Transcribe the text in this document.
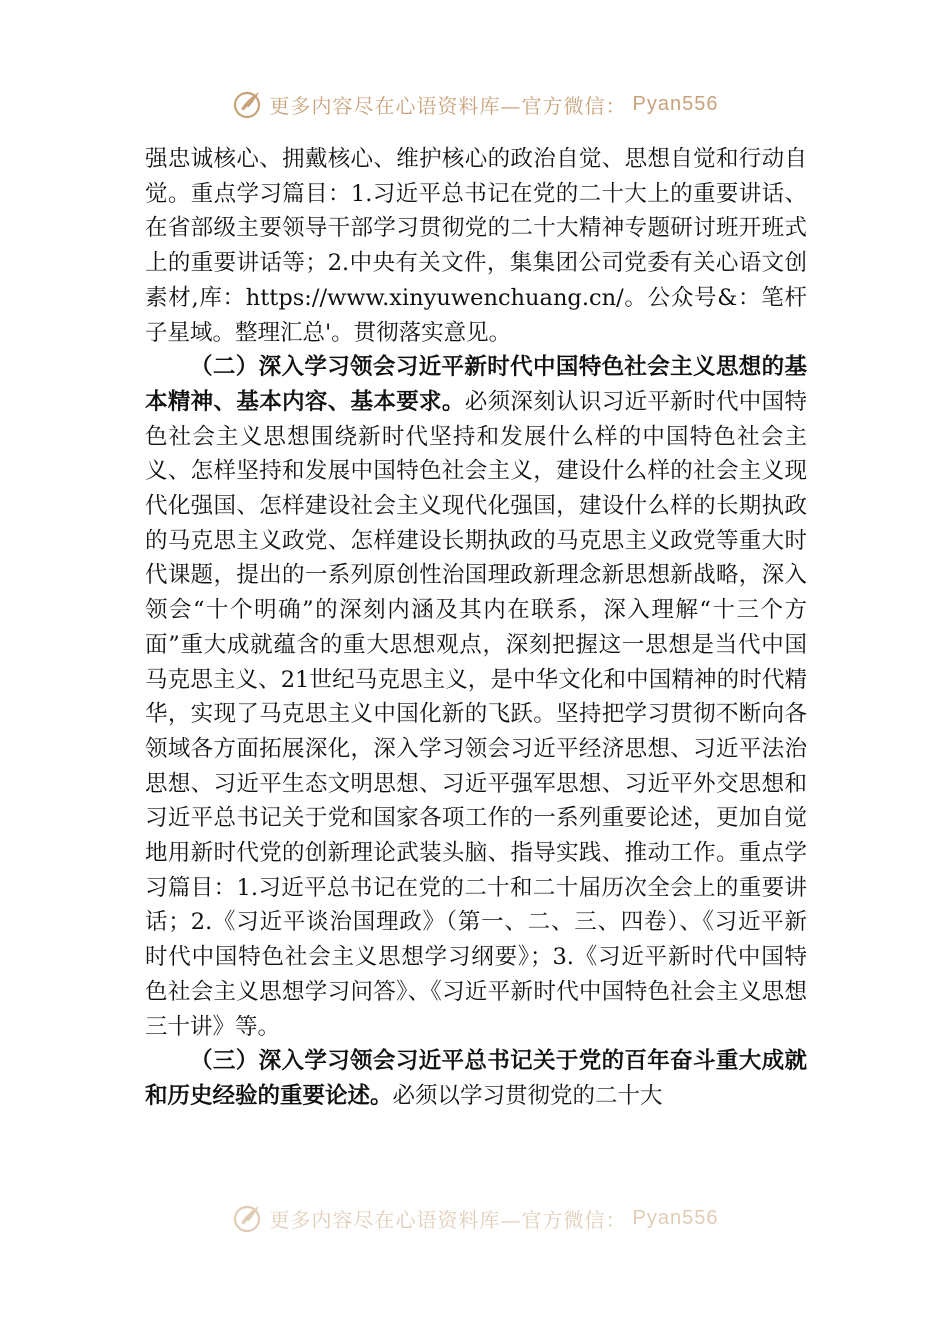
更多内容尽在心语资料库—官方微信： Pyan556

强忠诚核心、拥戴核心、维护核心的政治自觉、思想自觉和行动自觉。重点学习篇目：1.习近平总书记在党的二十大上的重要讲话、在省部级主要领导干部学习贯彻党的二十大精神专题研讨班开班式上的重要讲话等；2.中央有关文件，集集团公司党委有关心语文创素材,库：https://www.xinyuwenchuang.cn/。公众号&：笔杆子星域。整理汇总'。贯彻落实意见。

（二）深入学习领会习近平新时代中国特色社会主义思想的基本精神、基本内容、基本要求。必须深刻认识习近平新时代中国特色社会主义思想围绕新时代坚持和发展什么样的中国特色社会主义、怎样坚持和发展中国特色社会主义，建设什么样的社会主义现代化强国、怎样建设社会主义现代化强国，建设什么样的长期执政的马克思主义政党、怎样建设长期执政的马克思主义政党等重大时代课题，提出的一系列原创性治国理政新理念新思想新战略，深入领会“十个明确”的深刻内涵及其内在联系，深入理解“十三个方面”重大成就蕴含的重大思想观点，深刻把握这一思想是当代中国马克思主义、21世纪马克思主义，是中华文化和中国精神的时代精华，实现了马克思主义中国化新的飞跃。坚持把学习贯彻不断向各领域各方面拓展深化，深入学习领会习近平经济思想、习近平法治思想、习近平生态文明思想、习近平强军思想、习近平外交思想和习近平总书记关于党和国家各项工作的一系列重要论述，更加自觉地用新时代党的创新理论武装头脑、指导实践、推动工作。重点学习篇目：1.习近平总书记在党的二十和二十届历次全会上的重要讲话；2.《习近平谈治国理政》（第一、二、三、四卷）、《习近平新时代中国特色社会主义思想学习纲要》；3.《习近平新时代中国特色社会主义思想学习问答》、《习近平新时代中国特色社会主义思想三十讲》等。

（三）深入学习领会习近平总书记关于党的百年奋斗重大成就和历史经验的重要论述。必须以学习贯彻党的二十大

更多内容尽在心语资料库—官方微信： Pyan556
